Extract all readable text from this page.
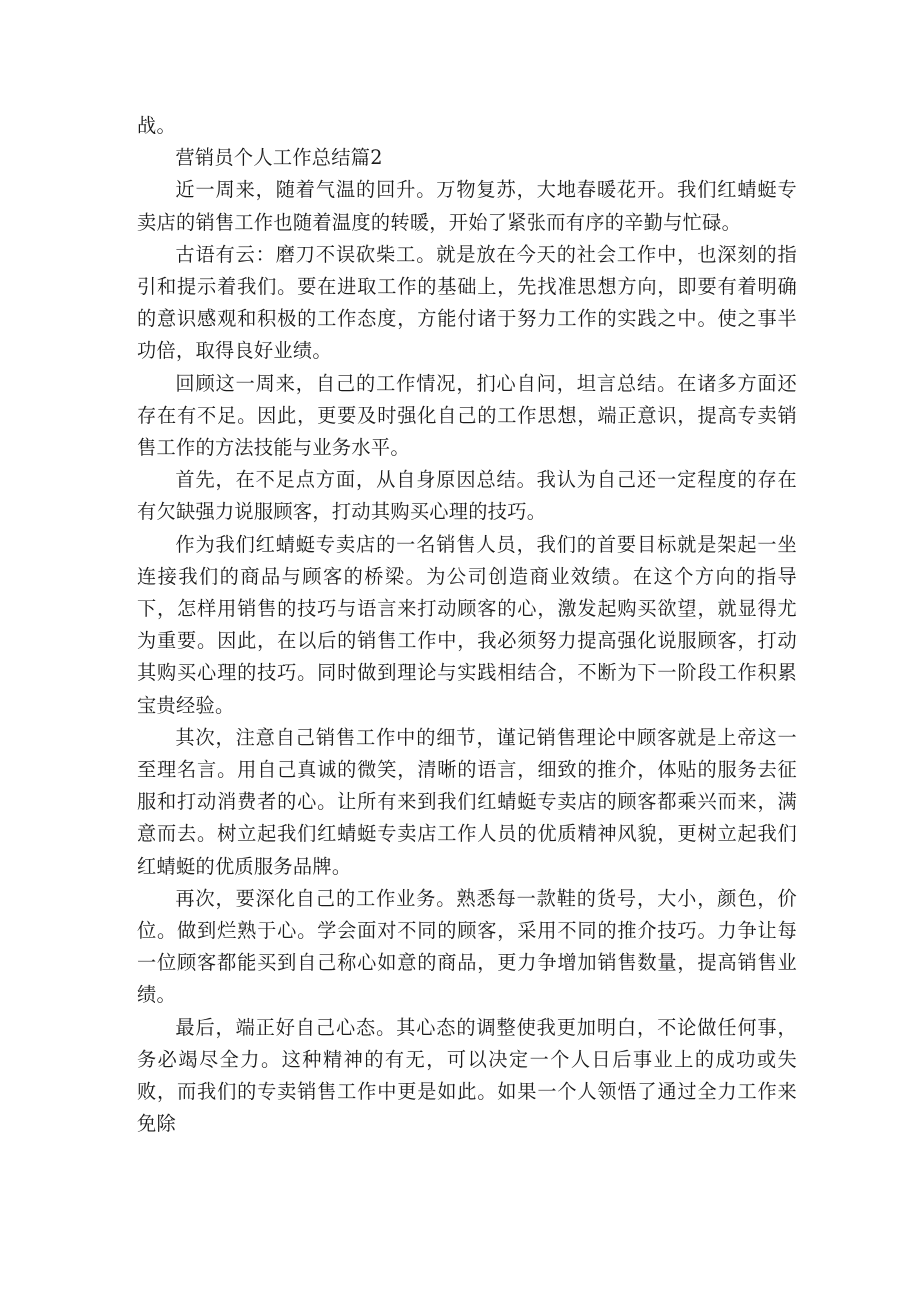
战。

营销员个人工作总结篇2

近一周来，随着气温的回升。万物复苏，大地春暖花开。我们红蜻蜓专卖店的销售工作也随着温度的转暖，开始了紧张而有序的辛勤与忙碌。

古语有云：磨刀不误砍柴工。就是放在今天的社会工作中，也深刻的指引和提示着我们。要在进取工作的基础上，先找准思想方向，即要有着明确的意识感观和积极的工作态度，方能付诸于努力工作的实践之中。使之事半功倍，取得良好业绩。

回顾这一周来，自己的工作情况，扪心自问，坦言总结。在诸多方面还存在有不足。因此，更要及时强化自己的工作思想，端正意识，提高专卖销售工作的方法技能与业务水平。

首先，在不足点方面，从自身原因总结。我认为自己还一定程度的存在有欠缺强力说服顾客，打动其购买心理的技巧。

作为我们红蜻蜓专卖店的一名销售人员，我们的首要目标就是架起一坐连接我们的商品与顾客的桥梁。为公司创造商业效绩。在这个方向的指导下，怎样用销售的技巧与语言来打动顾客的心，激发起购买欲望，就显得尤为重要。因此，在以后的销售工作中，我必须努力提高强化说服顾客，打动其购买心理的技巧。同时做到理论与实践相结合，不断为下一阶段工作积累宝贵经验。

其次，注意自己销售工作中的细节，谨记销售理论中顾客就是上帝这一至理名言。用自己真诚的微笑，清晰的语言，细致的推介，体贴的服务去征服和打动消费者的心。让所有来到我们红蜻蜓专卖店的顾客都乘兴而来，满意而去。树立起我们红蜻蜓专卖店工作人员的优质精神风貌，更树立起我们红蜻蜓的优质服务品牌。

再次，要深化自己的工作业务。熟悉每一款鞋的货号，大小，颜色，价位。做到烂熟于心。学会面对不同的顾客，采用不同的推介技巧。力争让每一位顾客都能买到自己称心如意的商品，更力争增加销售数量，提高销售业绩。

最后，端正好自己心态。其心态的调整使我更加明白，不论做任何事，务必竭尽全力。这种精神的有无，可以决定一个人日后事业上的成功或失败，而我们的专卖销售工作中更是如此。如果一个人领悟了通过全力工作来免除
